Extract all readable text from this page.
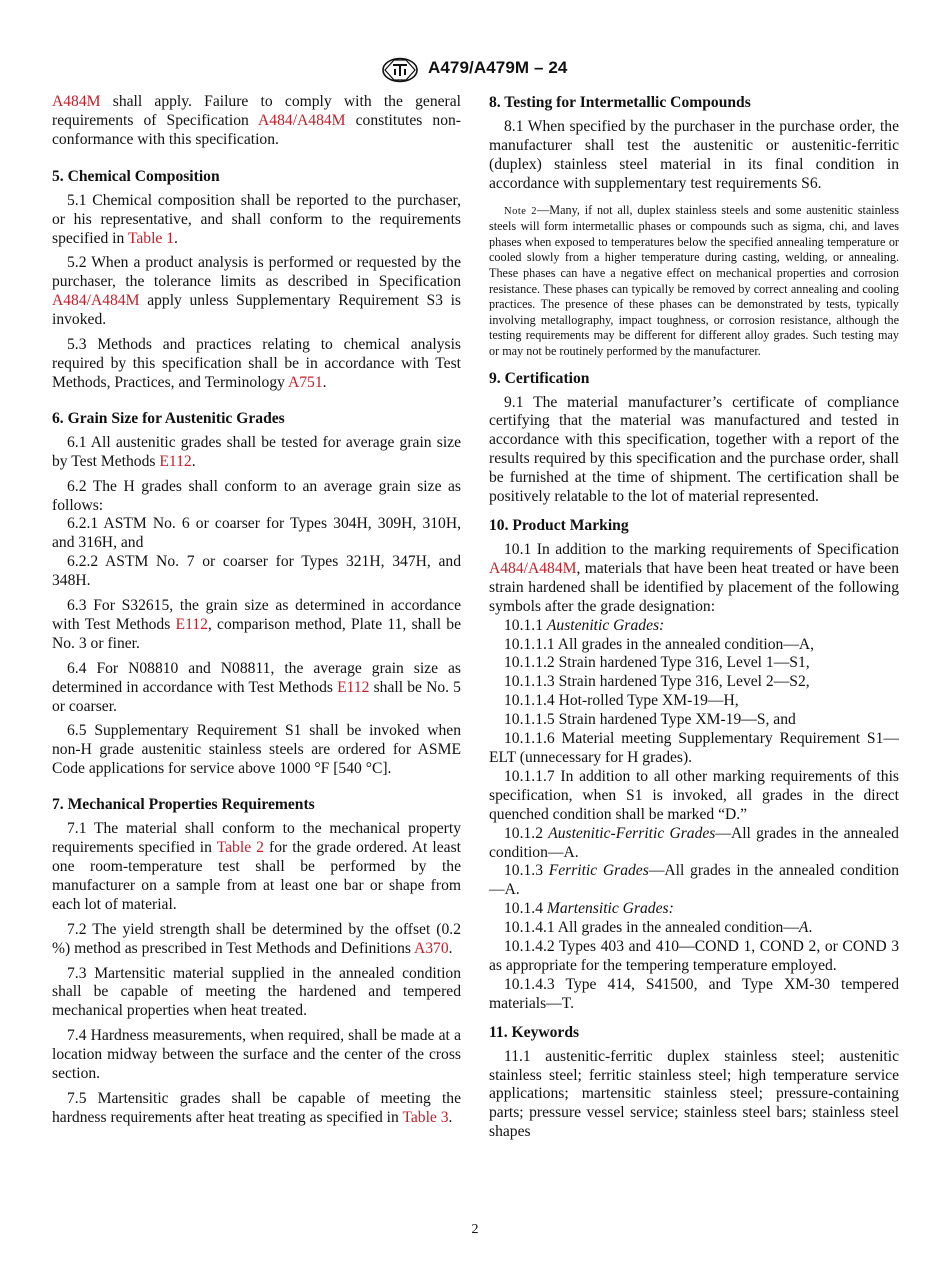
A479/A479M – 24

A484M shall apply. Failure to comply with the general requirements of Specification A484/A484M constitutes non-conformance with this specification.

5. Chemical Composition

5.1 Chemical composition shall be reported to the purchaser, or his representative, and shall conform to the requirements specified in Table 1.

5.2 When a product analysis is performed or requested by the purchaser, the tolerance limits as described in Specification A484/A484M apply unless Supplementary Requirement S3 is invoked.

5.3 Methods and practices relating to chemical analysis required by this specification shall be in accordance with Test Methods, Practices, and Terminology A751.

6. Grain Size for Austenitic Grades

6.1 All austenitic grades shall be tested for average grain size by Test Methods E112.

6.2 The H grades shall conform to an average grain size as follows:

6.2.1 ASTM No. 6 or coarser for Types 304H, 309H, 310H, and 316H, and

6.2.2 ASTM No. 7 or coarser for Types 321H, 347H, and 348H.

6.3 For S32615, the grain size as determined in accordance with Test Methods E112, comparison method, Plate 11, shall be No. 3 or finer.

6.4 For N08810 and N08811, the average grain size as determined in accordance with Test Methods E112 shall be No. 5 or coarser.

6.5 Supplementary Requirement S1 shall be invoked when non-H grade austenitic stainless steels are ordered for ASME Code applications for service above 1000 °F [540 °C].

7. Mechanical Properties Requirements

7.1 The material shall conform to the mechanical property requirements specified in Table 2 for the grade ordered. At least one room-temperature test shall be performed by the manufacturer on a sample from at least one bar or shape from each lot of material.

7.2 The yield strength shall be determined by the offset (0.2 %) method as prescribed in Test Methods and Definitions A370.

7.3 Martensitic material supplied in the annealed condition shall be capable of meeting the hardened and tempered mechanical properties when heat treated.

7.4 Hardness measurements, when required, shall be made at a location midway between the surface and the center of the cross section.

7.5 Martensitic grades shall be capable of meeting the hardness requirements after heat treating as specified in Table 3.

8. Testing for Intermetallic Compounds

8.1 When specified by the purchaser in the purchase order, the manufacturer shall test the austenitic or austenitic-ferritic (duplex) stainless steel material in its final condition in accordance with supplementary test requirements S6.

Note 2—Many, if not all, duplex stainless steels and some austenitic stainless steels will form intermetallic phases or compounds such as sigma, chi, and laves phases when exposed to temperatures below the specified annealing temperature or cooled slowly from a higher temperature during casting, welding, or annealing. These phases can have a negative effect on mechanical properties and corrosion resistance. These phases can typically be removed by correct annealing and cooling practices. The presence of these phases can be demonstrated by tests, typically involving metallography, impact toughness, or corrosion resistance, although the testing requirements may be different for different alloy grades. Such testing may or may not be routinely performed by the manufacturer.

9. Certification

9.1 The material manufacturer’s certificate of compliance certifying that the material was manufactured and tested in accordance with this specification, together with a report of the results required by this specification and the purchase order, shall be furnished at the time of shipment. The certification shall be positively relatable to the lot of material represented.

10. Product Marking

10.1 In addition to the marking requirements of Specification A484/A484M, materials that have been heat treated or have been strain hardened shall be identified by placement of the following symbols after the grade designation:

10.1.1 Austenitic Grades:

10.1.1.1 All grades in the annealed condition—A,

10.1.1.2 Strain hardened Type 316, Level 1—S1,

10.1.1.3 Strain hardened Type 316, Level 2—S2,

10.1.1.4 Hot-rolled Type XM-19—H,

10.1.1.5 Strain hardened Type XM-19—S, and

10.1.1.6 Material meeting Supplementary Requirement S1—ELT (unnecessary for H grades).

10.1.1.7 In addition to all other marking requirements of this specification, when S1 is invoked, all grades in the direct quenched condition shall be marked “D.”

10.1.2 Austenitic-Ferritic Grades—All grades in the annealed condition—A.

10.1.3 Ferritic Grades—All grades in the annealed condition—A.

10.1.4 Martensitic Grades:

10.1.4.1 All grades in the annealed condition—A.

10.1.4.2 Types 403 and 410—COND 1, COND 2, or COND 3 as appropriate for the tempering temperature employed.

10.1.4.3 Type 414, S41500, and Type XM-30 tempered materials—T.

11. Keywords

11.1 austenitic-ferritic duplex stainless steel; austenitic stainless steel; ferritic stainless steel; high temperature service applications; martensitic stainless steel; pressure-containing parts; pressure vessel service; stainless steel bars; stainless steel shapes

2
